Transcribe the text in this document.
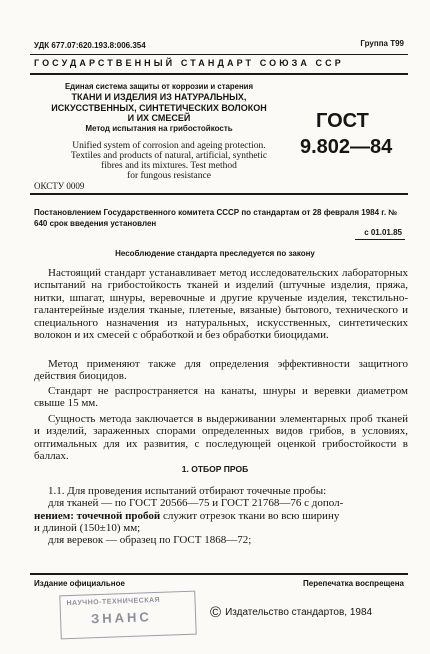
УДК 677.07:620.193.8:006.354	Группа Т99
ГОСУДАРСТВЕННЫЙ СТАНДАРТ СОЮЗА ССР
Единая система защиты от коррозии и старения
ТКАНИ И ИЗДЕЛИЯ ИЗ НАТУРАЛЬНЫХ,
ИСКУССТВЕННЫХ, СИНТЕТИЧЕСКИХ ВОЛОКОН
И ИХ СМЕСЕЙ
Метод испытания на грибостойкость
Unified system of corrosion and ageing protection.
Textiles and products of natural, artificial, synthetic
fibres and its mixtures. Test method
for fungous resistance
ГОСТ
9.802—84
ОКСТУ 0009
Постановлением Государственного комитета СССР по стандартам от 28 февраля 1984 г. № 640 срок введения установлен
с 01.01.85
Несоблюдение стандарта преследуется по закону
Настоящий стандарт устанавливает метод исследовательских лабораторных испытаний на грибостойкость тканей и изделий (штучные изделия, пряжа, нитки, шпагат, шнуры, веревочные и другие крученые изделия, текстильно-галантерейные изделия тканые, плетеные, вязаные) бытового, технического и специального назначения из натуральных, искусственных, синтетических волокон и их смесей с обработкой и без обработки биоцидами.
Метод применяют также для определения эффективности защитного действия биоцидов.
Стандарт не распространяется на канаты, шнуры и веревки диаметром свыше 15 мм.
Сущность метода заключается в выдерживании элементарных проб тканей и изделий, зараженных спорами определенных видов грибов, в условиях, оптимальных для их развития, с последующей оценкой грибостойкости в баллах.
1. ОТБОР ПРОБ
1.1. Для проведения испытаний отбирают точечные пробы:
для тканей — по ГОСТ 20566—75 и ГОСТ 21768—76 с допол-
нением: точечной пробой служит отрезок ткани во всю ширину
и длиной (150±10) мм;
для веревок — образец по ГОСТ 1868—72;
Издание официальное	Перепечатка воспрещена
НАУЧНО-ТЕХНИЧЕСКАЯ
ЗНАНС	© Издательство стандартов, 1984
